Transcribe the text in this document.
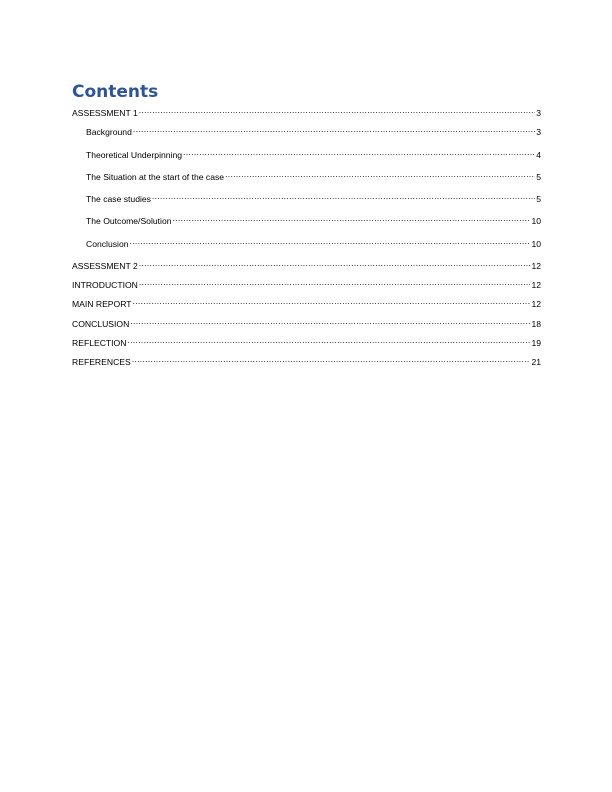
Contents
ASSESSMENT 1 .....	3
Background .....	3
Theoretical Underpinning .....	4
The Situation at the start of the case .....	5
The case studies .....	5
The Outcome/Solution .....	10
Conclusion .....	10
ASSESSMENT 2 .....	12
INTRODUCTION .....	12
MAIN REPORT .....	12
CONCLUSION .....	18
REFLECTION .....	19
REFERENCES .....	21
